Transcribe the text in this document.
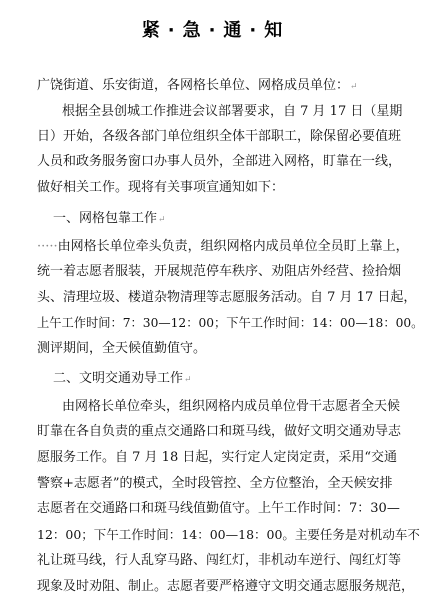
紧·急·通·知
广饶街道、乐安街道，各网格长单位、网格成员单位：↵
根据全县创城工作推进会议部署要求，自 7 月 17 日（星期
日）开始，各级各部门单位组织全体干部职工，除保留必要值班
人员和政务服务窗口办事人员外，全部进入网格，盯靠在一线，
做好相关工作。现将有关事项宣通知如下：
一、网格包靠工作↵
·····由网格长单位牵头负责，组织网格内成员单位全员盯上靠上，
统一着志愿者服装，开展规范停车秩序、劝阻店外经营、捡拾烟
头、清理垃圾、楼道杂物清理等志愿服务活动。自 7 月 17 日起，
上午工作时间：7：30—12：00；下午工作时间：14：00—18：00。
测评期间，全天候值勤值守。
二、文明交通劝导工作↵
由网格长单位牵头，组织网格内成员单位骨干志愿者全天候
盯靠在各自负责的重点交通路口和斑马线，做好文明交通劝导志
愿服务工作。自 7 月 18 日起，实行定人定岗定责，采用“交通
警察+志愿者”的模式，全时段管控、全方位整治，全天候安排
志愿者在交通路口和斑马线值勤值守。上午工作时间：7：30—
12：00；下午工作时间：14：00—18：00。主要任务是对机动车不
礼让斑马线，行人乱穿马路、闯红灯，非机动车逆行、闯红灯等
现象及时劝阻、制止。志愿者要严格遵守文明交通志愿服务规范，
